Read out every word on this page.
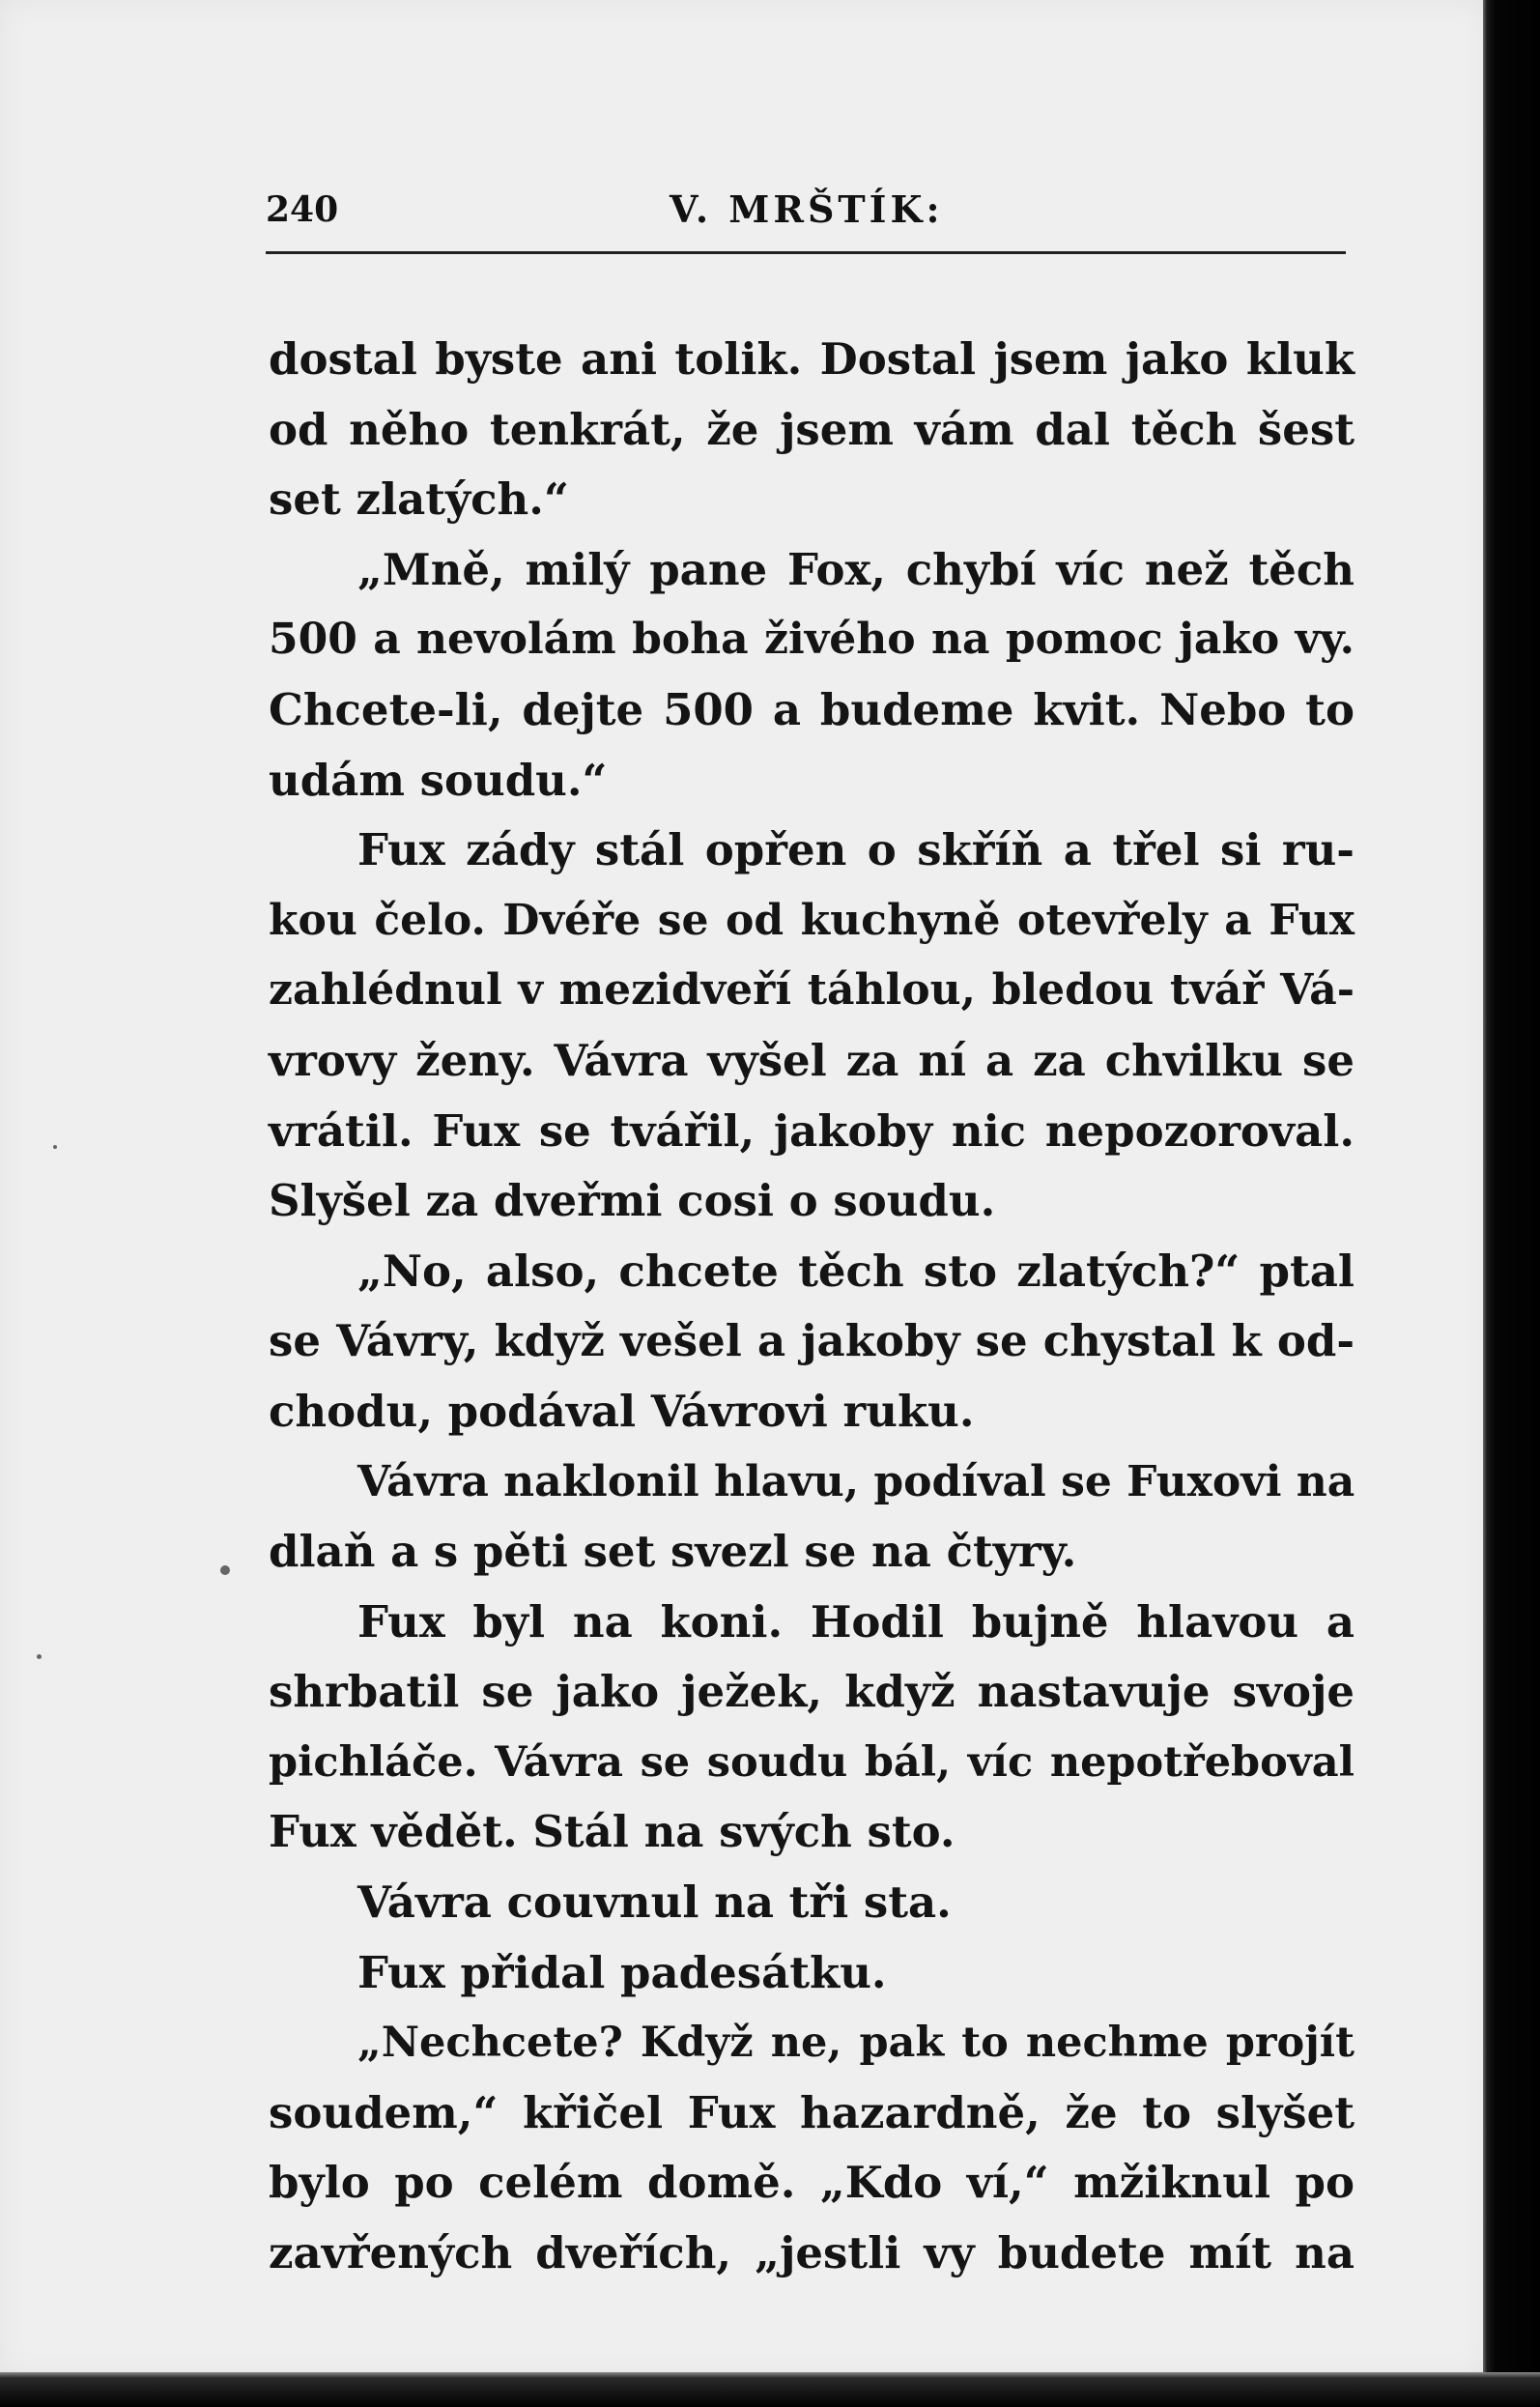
240	V. MRŠTÍK:
dostal byste ani tolik. Dostal jsem jako kluk
od něho tenkrát, že jsem vám dal těch šest
set zlatých.“
„Mně, milý pane Fox, chybí víc než těch
500 a nevolám boha živého na pomoc jako vy.
Chcete-li, dejte 500 a budeme kvit. Nebo to
udám soudu.“
Fux zády stál opřen o skříň a třel si ru-
kou čelo. Dvéře se od kuchyně otevřely a Fux
zahlédnul v mezidveří táhlou, bledou tvář Vá-
vrovy ženy. Vávra vyšel za ní a za chvilku se
vrátil. Fux se tvářil, jakoby nic nepozoroval.
Slyšel za dveřmi cosi o soudu.
„No, also, chcete těch sto zlatých?“ ptal
se Vávry, když vešel a jakoby se chystal k od-
chodu, podával Vávrovi ruku.
Vávra naklonil hlavu, podíval se Fuxovi na
dlaň a s pěti set svezl se na čtyry.
Fux byl na koni. Hodil bujně hlavou a
shrbatil se jako ježek, když nastavuje svoje
pichláče. Vávra se soudu bál, víc nepotřeboval
Fux vědět. Stál na svých sto.
Vávra couvnul na tři sta.
Fux přidal padesátku.
„Nechcete? Když ne, pak to nechme projít
soudem,“ křičel Fux hazardně, že to slyšet
bylo po celém domě. „Kdo ví,“ mžiknul po
zavřených dveřích, „jestli vy budete mít na
